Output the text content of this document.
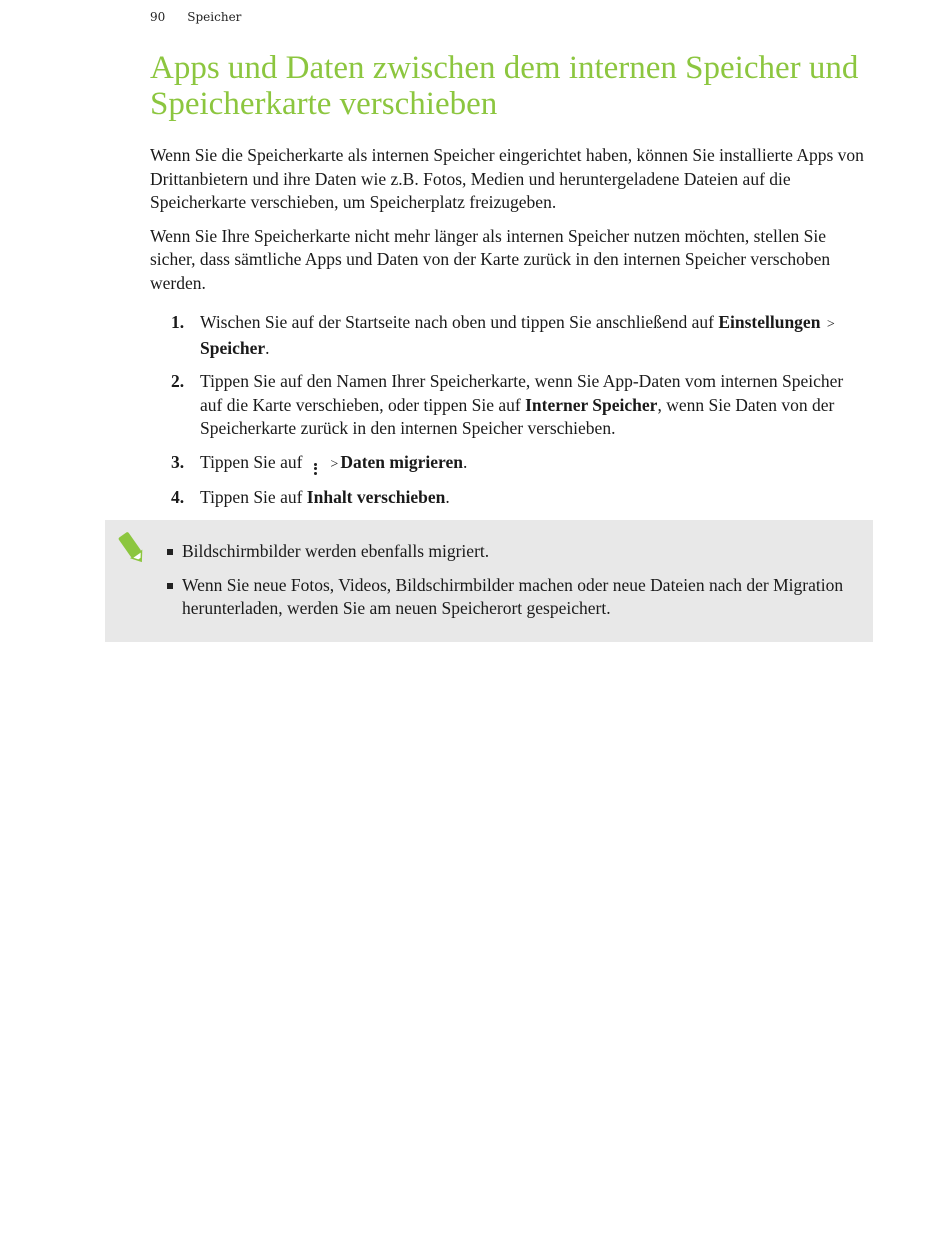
90 Speicher
Apps und Daten zwischen dem internen Speicher und Speicherkarte verschieben

Wenn Sie die Speicherkarte als internen Speicher eingerichtet haben, können Sie installierte Apps von Drittanbietern und ihre Daten wie z.B. Fotos, Medien und heruntergeladene Dateien auf die Speicherkarte verschieben, um Speicherplatz freizugeben.

Wenn Sie Ihre Speicherkarte nicht mehr länger als internen Speicher nutzen möchten, stellen Sie sicher, dass sämtliche Apps und Daten von der Karte zurück in den internen Speicher verschoben werden.

1. Wischen Sie auf der Startseite nach oben und tippen Sie anschließend auf Einstellungen > Speicher.
2. Tippen Sie auf den Namen Ihrer Speicherkarte, wenn Sie App-Daten vom internen Speicher auf die Karte verschieben, oder tippen Sie auf Interner Speicher, wenn Sie Daten von der Speicherkarte zurück in den internen Speicher verschieben.
3. Tippen Sie auf > Daten migrieren.
4. Tippen Sie auf Inhalt verschieben.
Bildschirmbilder werden ebenfalls migriert.
Wenn Sie neue Fotos, Videos, Bildschirmbilder machen oder neue Dateien nach der Migration herunterladen, werden Sie am neuen Speicherort gespeichert.
